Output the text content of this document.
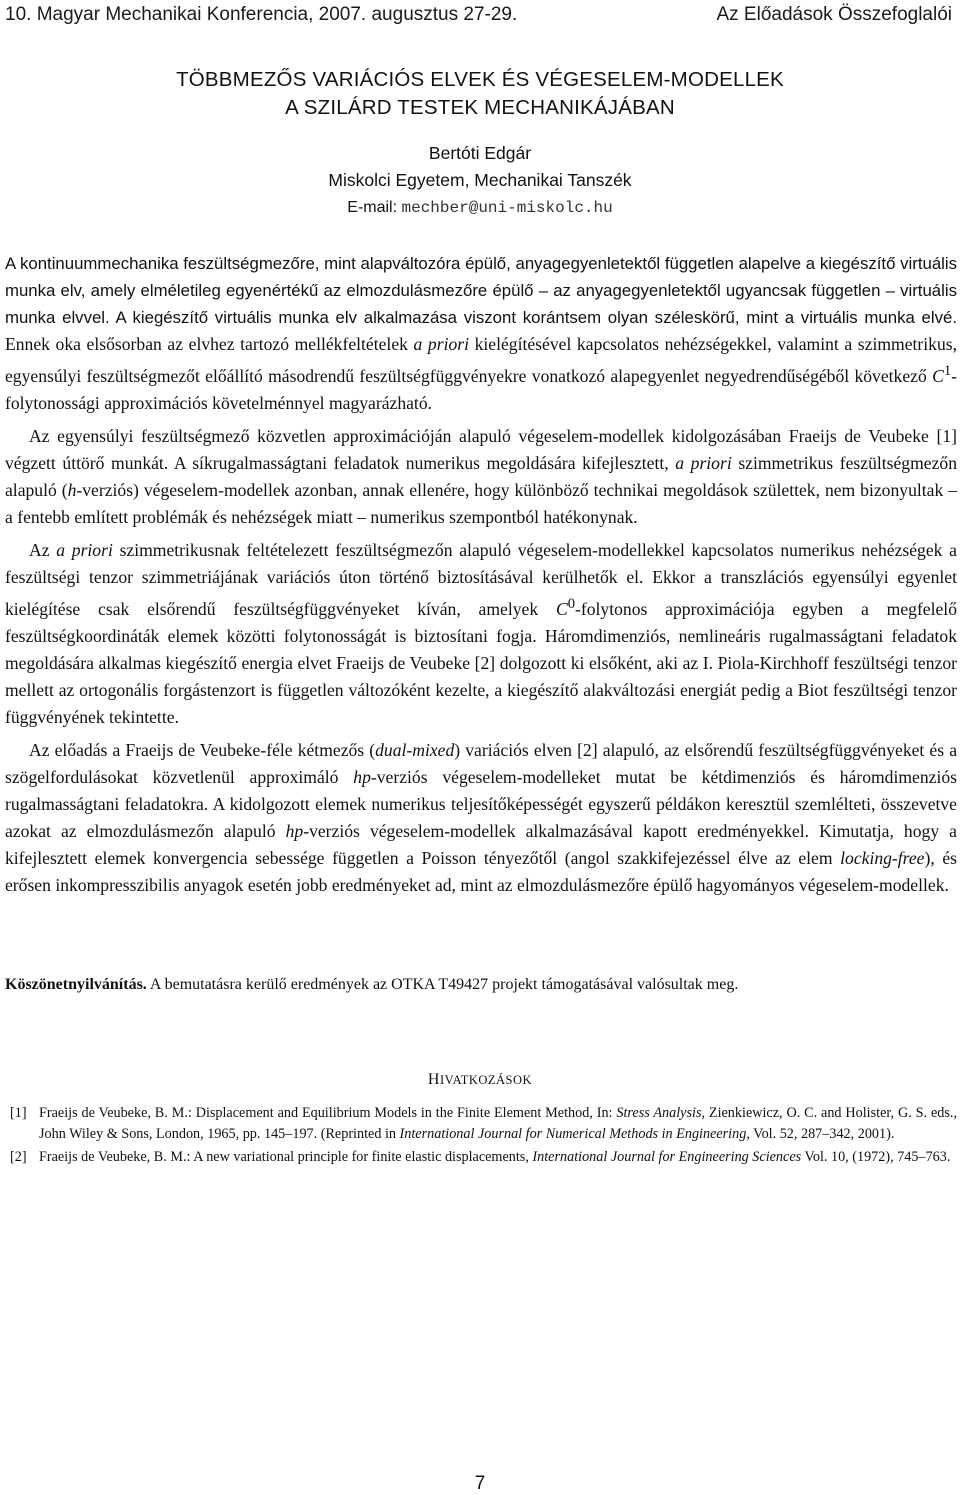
10. Magyar Mechanikai Konferencia, 2007. augusztus 27-29.	Az Előadások Összefoglalói
TÖBBMEZŐS VARIÁCIÓS ELVEK ÉS VÉGESELEM-MODELLEK
A SZILÁRD TESTEK MECHANIKÁJÁBAN
Bertóti Edgár
Miskolci Egyetem, Mechanikai Tanszék
E-mail: mechber@uni-miskolc.hu

A kontinuummechanika feszültségmezőre, mint alapváltozóra épülő, anyagegyenletektől független alapelve a kiegészítő virtuális munka elv, amely elméletileg egyenértékű az elmozdulásmezőre épülő – az anyagegyenletektől ugyancsak független – virtuális munka elvvel. A kiegészítő virtuális munka elv alkalmazása viszont korántsem olyan széleskörű, mint a virtuális munka elvé. Ennek oka elsősorban az elvhez tartozó mellékfeltételek a priori kielégítésével kapcsolatos nehézségekkel, valamint a szimmetrikus, egyensúlyi feszültségmezőt előállító másodrendű feszültségfüggvényekre vonatkozó alapegyenlet negyedrendűségéből következő $C^1$-folytonossági approximációs követelménnyel magyarázható.

Az egyensúlyi feszültségmező közvetlen approximációján alapuló végeselem-modellek kidolgozásában Fraeijs de Veubeke [1] végzett úttörő munkát. A síkrugalmasságtani feladatok numerikus megoldására kifejlesztett, a priori szimmetrikus feszültségmezőn alapuló (h-verziós) végeselem-modellek azonban, annak ellenére, hogy különböző technikai megoldások születtek, nem bizonyultak – a fentebb említett problémák és nehézségek miatt – numerikus szempontból hatékonynak.

Az a priori szimmetrikusnak feltételezett feszültségmezőn alapuló végeselem-modellekkel kapcsolatos numerikus nehézségek a feszültségi tenzor szimmetriájának variációs úton történő biztosításával kerülhetők el. Ekkor a transzlációs egyensúlyi egyenlet kielégítése csak elsőrendű feszültségfüggvényeket kíván, amelyek $C^0$-folytonos approximációja egyben a megfelelő feszültségkoordináták elemek közötti folytonosságát is biztosítani fogja. Háromdimenziós, nemlineáris rugalmasságtani feladatok megoldására alkalmas kiegészítő energia elvet Fraeijs de Veubeke [2] dolgozott ki elsőként, aki az I. Piola-Kirchhoff feszültségi tenzor mellett az ortogonális forgástenzort is független változóként kezelte, a kiegészítő alakváltozási energiát pedig a Biot feszültségi tenzor függvényének tekintette.

Az előadás a Fraeijs de Veubeke-féle kétmezős (dual-mixed) variációs elven [2] alapuló, az elsőrendű feszültségfüggvényeket és a szögelfordulásokat közvetlenül approximáló hp-verziós végeselem-modelleket mutat be kétdimenziós és háromdimenziós rugalmasságtani feladatokra. A kidolgozott elemek numerikus teljesítőképességét egyszerű példákon keresztül szemlélteti, összevetve azokat az elmozdulásmezőn alapuló hp-verziós végeselem-modellek alkalmazásával kapott eredményekkel. Kimutatja, hogy a kifejlesztett elemek konvergencia sebessége független a Poisson tényezőtől (angol szakkifejezéssel élve az elem locking-free), és erősen inkompresszibilis anyagok esetén jobb eredményeket ad, mint az elmozdulásmezőre épülő hagyományos végeselem-modellek.

Köszönetnyilvánítás. A bemutatásra kerülő eredmények az OTKA T49427 projekt támogatásával valósultak meg.
HIVATKOZÁSOK
[1] Fraeijs de Veubeke, B. M.: Displacement and Equilibrium Models in the Finite Element Method, In: Stress Analysis, Zienkiewicz, O. C. and Holister, G. S. eds., John Wiley & Sons, London, 1965, pp. 145–197. (Reprinted in International Journal for Numerical Methods in Engineering, Vol. 52, 287–342, 2001).
[2] Fraeijs de Veubeke, B. M.: A new variational principle for finite elastic displacements, International Journal for Engineering Sciences Vol. 10, (1972), 745–763.
7
